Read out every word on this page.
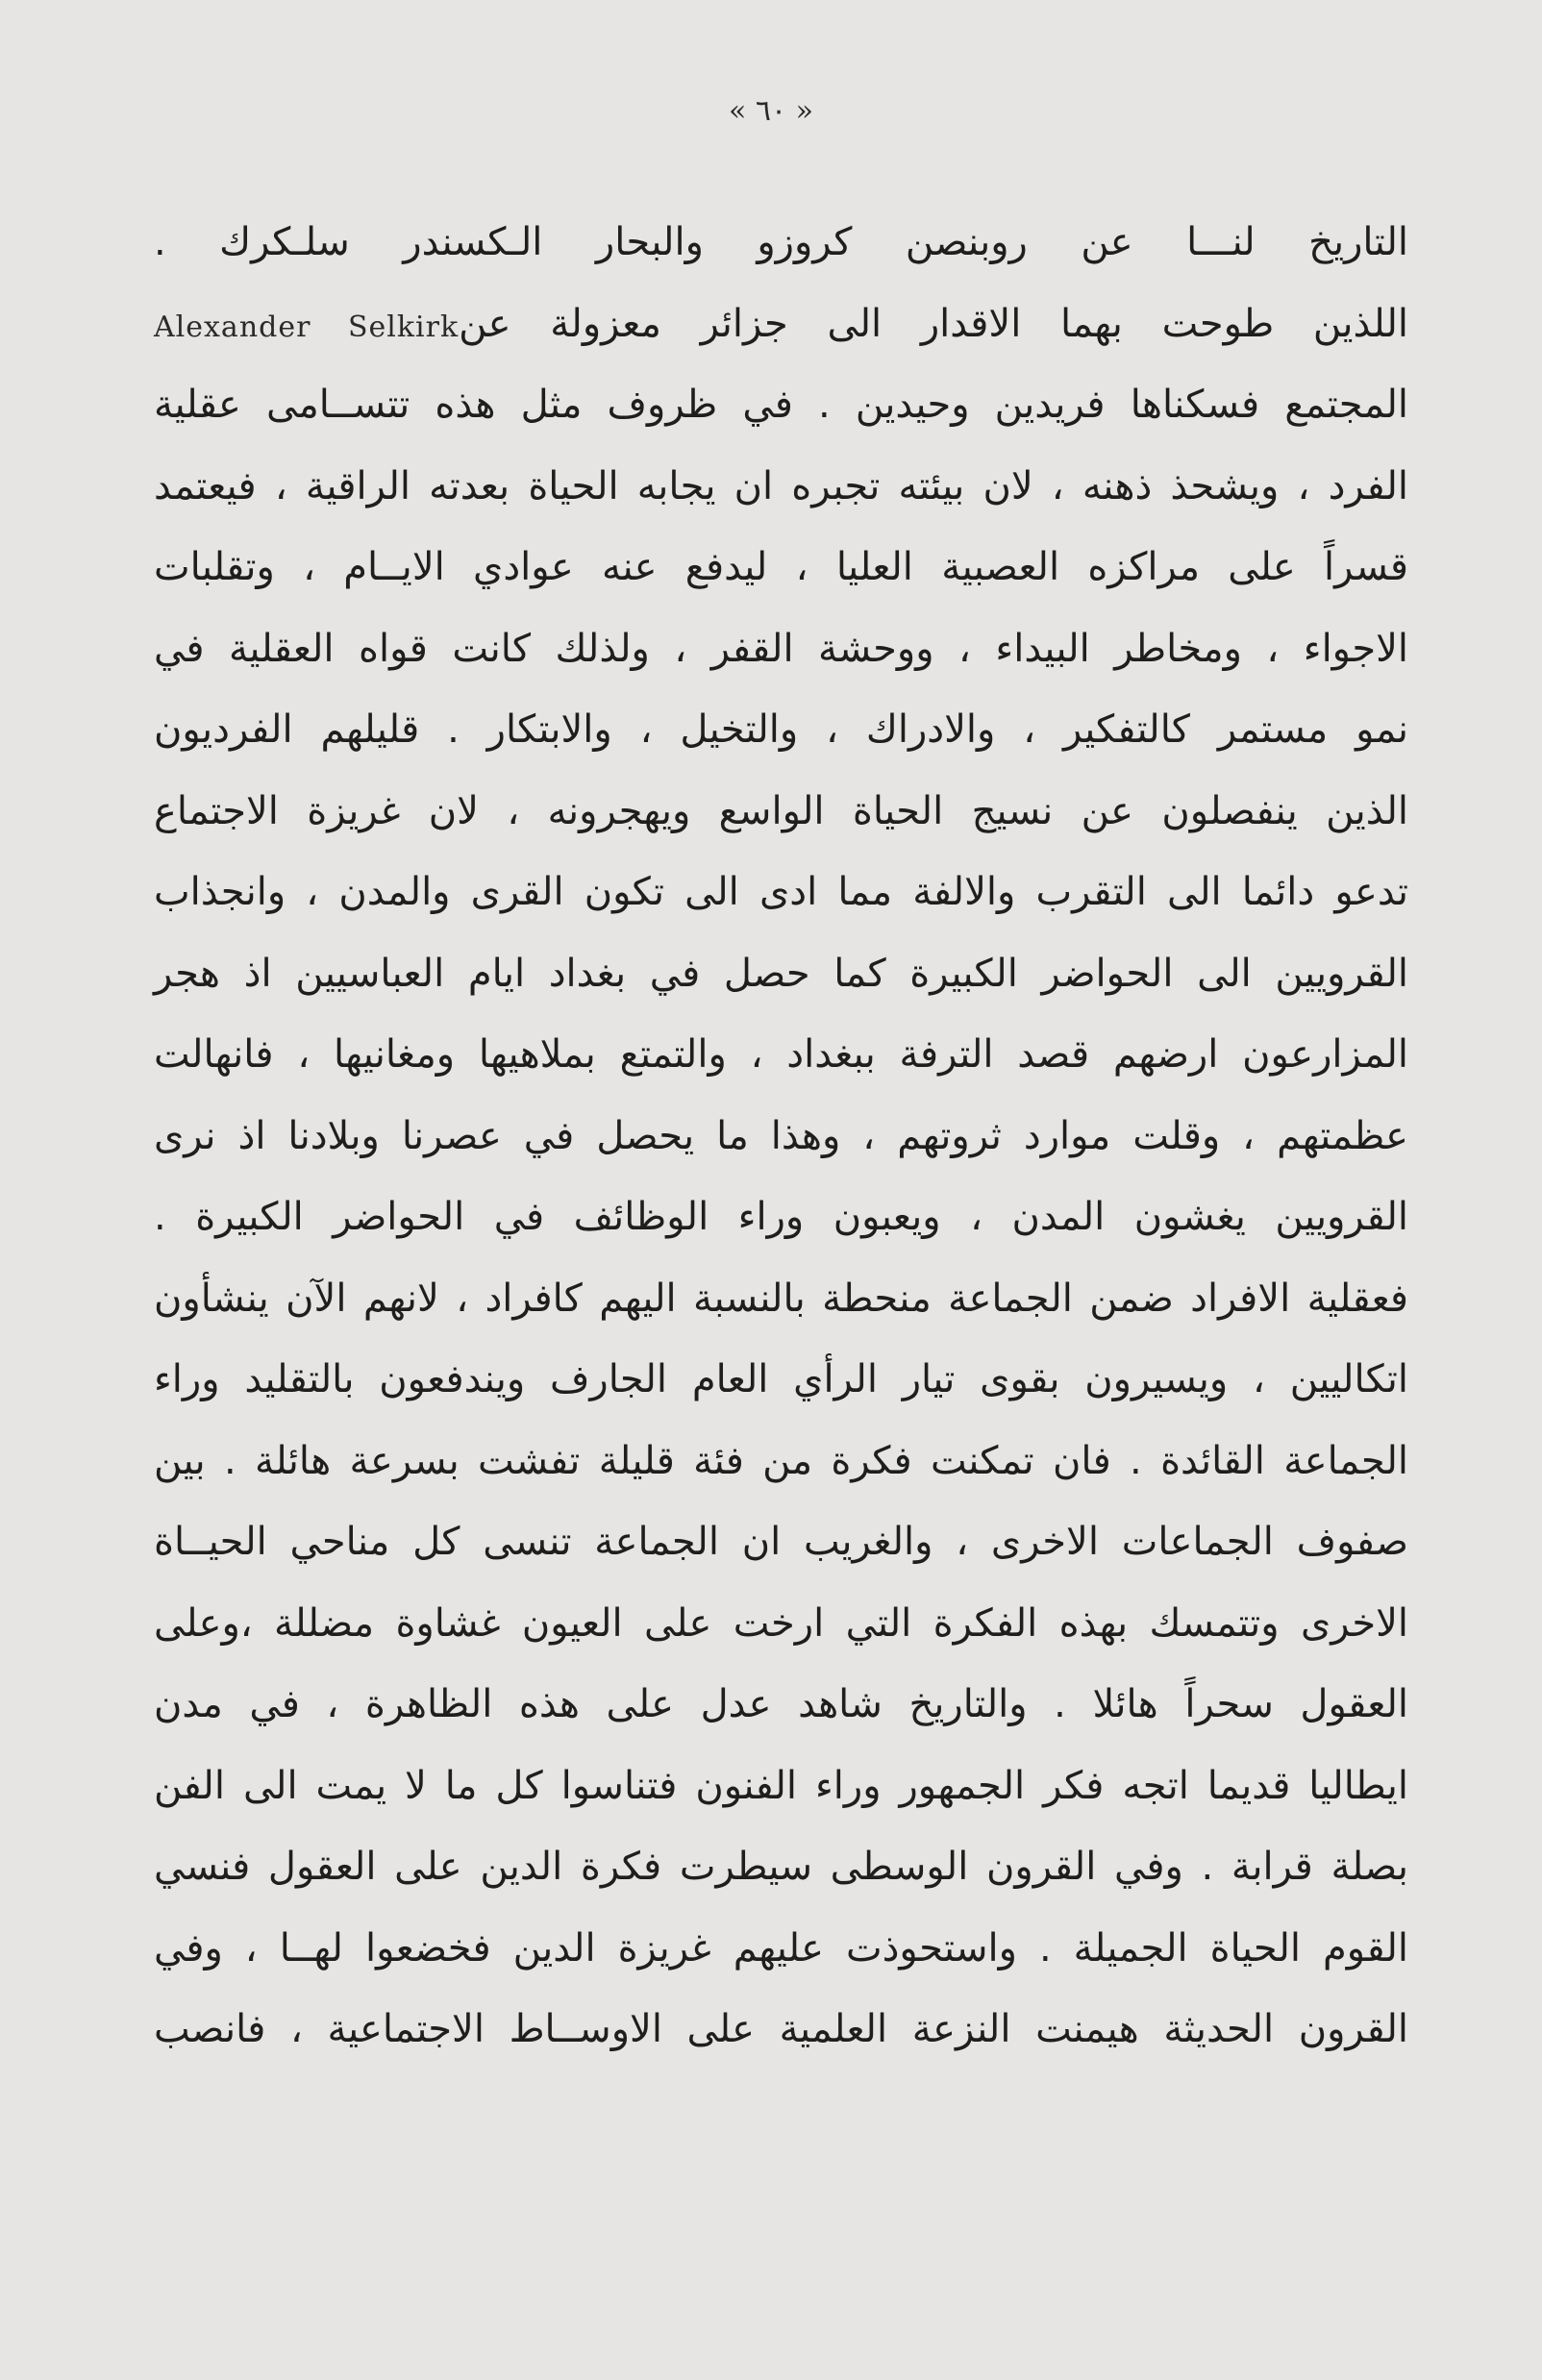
« ٦٠ »
التاريخ لنـــا عن روبنصن كروزو والبحار الـكسندر سلـكرك .
اللذين طوحت بهما الاقدار الى جزائر معزولة عنAlexander Selkirk
المجتمع فسكناها فريدين وحيدين . في ظروف مثل هذه تتســامى عقلية
الفرد ، ويشحذ ذهنه ، لان بيئته تجبره ان يجابه الحياة بعدته الراقية ، فيعتمد
قسراً على مراكزه العصبية العليا ، ليدفع عنه عوادي الايــام ، وتقلبات
الاجواء ، ومخاطر البيداء ، ووحشة القفر ، ولذلك كانت قواه العقلية في
نمو مستمر كالتفكير ، والادراك ، والتخيل ، والابتكار . قليلهم الفرديون
الذين ينفصلون عن نسيج الحياة الواسع ويهجرونه ، لان غريزة الاجتماع
تدعو دائما الى التقرب والالفة مما ادى الى تكون القرى والمدن ، وانجذاب
القرويين الى الحواضر الكبيرة كما حصل في بغداد ايام العباسيين اذ هجر
المزارعون ارضهم قصد الترفة ببغداد ، والتمتع بملاهيها ومغانيها ، فانهالت
عظمتهم ، وقلت موارد ثروتهم ، وهذا ما يحصل في عصرنا وبلادنا اذ نرى
القرويين يغشون المدن ، ويعبون وراء الوظائف في الحواضر الكبيرة .
فعقلية الافراد ضمن الجماعة منحطة بالنسبة اليهم كافراد ، لانهم الآن ينشأون
اتكاليين ، ويسيرون بقوى تيار الرأي العام الجارف ويندفعون بالتقليد وراء
الجماعة القائدة . فان تمكنت فكرة من فئة قليلة تفشت بسرعة هائلة . بين
صفوف الجماعات الاخرى ، والغريب ان الجماعة تنسى كل مناحي الحيــاة
الاخرى وتتمسك بهذه الفكرة التي ارخت على العيون غشاوة مضللة ،وعلى
العقول سحراً هائلا . والتاريخ شاهد عدل على هذه الظاهرة ، في مدن
ايطاليا قديما اتجه فكر الجمهور وراء الفنون فتناسوا كل ما لا يمت الى الفن
بصلة قرابة . وفي القرون الوسطى سيطرت فكرة الدين على العقول فنسي
القوم الحياة الجميلة . واستحوذت عليهم غريزة الدين فخضعوا لهــا ، وفي
القرون الحديثة هيمنت النزعة العلمية على الاوســاط الاجتماعية ، فانصب
